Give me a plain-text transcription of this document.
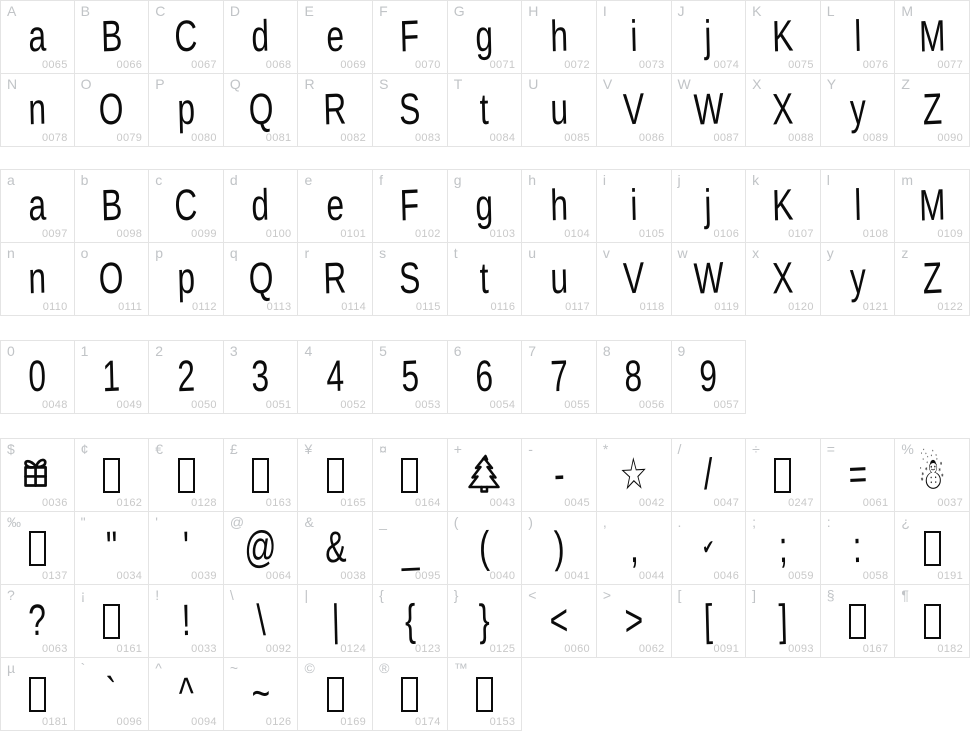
A
a
0065
B
B
0066
C
C
0067
D
d
0068
E
e
0069
F
F
0070
G
g
0071
H
h
0072
I
i
0073
J
j
0074
K
K
0075
L
l
0076
M
M
0077
N
n
0078
O
O
0079
P
p
0080
Q
Q
0081
R
R
0082
S
S
0083
T
t
0084
U
u
0085
V
V
0086
W
W
0087
X
X
0088
Y
y
0089
Z
Z
0090
a
a
0097
b
B
0098
c
C
0099
d
d
0100
e
e
0101
f
F
0102
g
g
0103
h
h
0104
i
i
0105
j
j
0106
k
K
0107
l
l
0108
m
M
0109
n
n
0110
o
O
0111
p
p
0112
q
Q
0113
r
R
0114
s
S
0115
t
t
0116
u
u
0117
v
V
0118
w
W
0119
x
X
0120
y
y
0121
z
Z
0122
0
0
0048
1
1
0049
2
2
0050
3
3
0051
4
4
0052
5
5
0053
6
6
0054
7
7
0055
8
8
0056
9
9
0057
$
0036
¢
0162
€
0128
£
0163
¥
0165
¤
0164
+
0043
-
-
0045
*
☆
0042
/
/
0047
÷
0247
=
=
0061
%
☃
0037
‰
0137
"
"
0034
'
'
0039
@
@
0064
&
&
0038
_
_
0095
(
(
0040
)
)
0041
,
,
0044
.
✔
0046
;
;
0059
:
:
0058
¿
0191
?
?
0063
¡
0161
!
!
0033
\
\
0092
|
|
0124
{
{
0123
}
}
0125
<
<
0060
>
>
0062
[
[
0091
]
]
0093
§
0167
¶
0182
µ
0181
`
`
0096
^
^
0094
~
~
0126
©
0169
®
0174
™
0153
